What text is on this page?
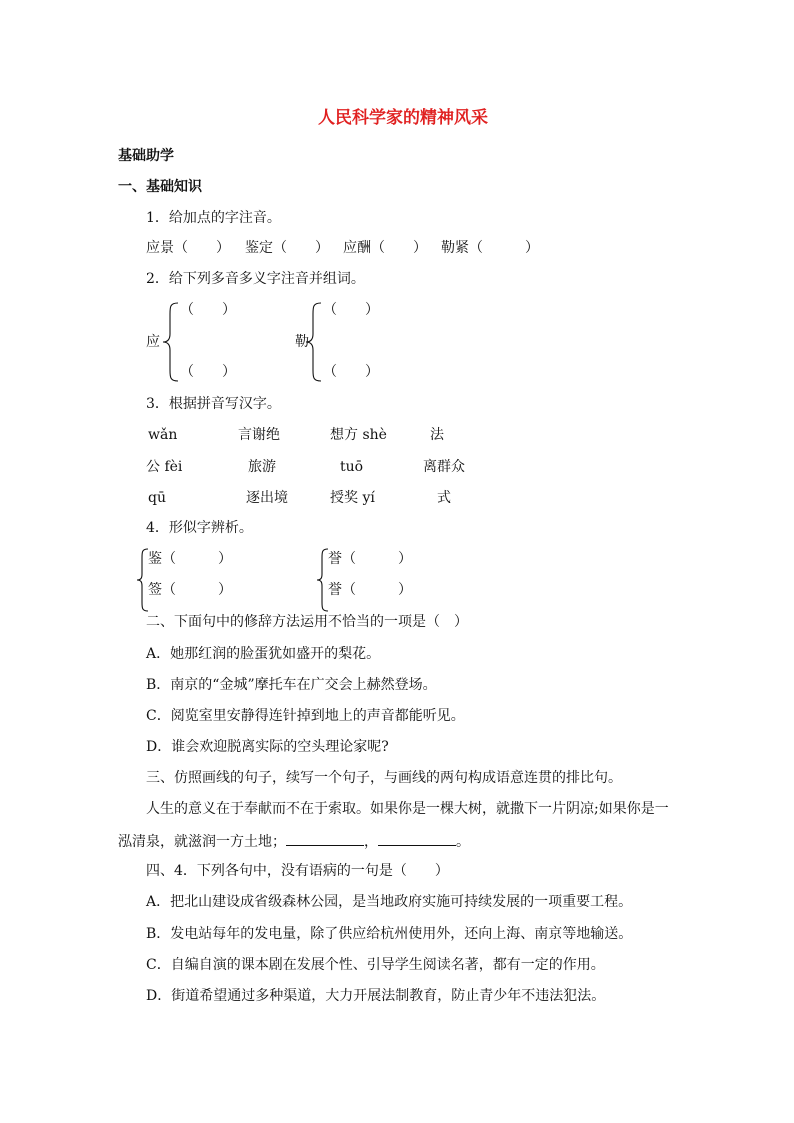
人民科学家的精神风采
基础助学
一、基础知识
1．给加点的字注音。
应景（　　） 鉴定（　　） 应酬（　　） 勒紧（　　　）
2．给下列多音多义字注音并组词。
应
（　　）
（　　）
勒
（　　）
（　　）
3．根据拼音写汉字。
wǎn	言谢绝	想方 shè	法
公 fèi	旅游	tuō	离群众
qū	逐出境	授奖 yí	式
4．形似字辨析。
鉴（　　　）
签（　　　）
誉（　　　）
誉（　　　）
二、下面句中的修辞方法运用不恰当的一项是（　）
A．她那红润的脸蛋犹如盛开的梨花。
B．南京的“金城”摩托车在广交会上赫然登场。
C．阅览室里安静得连针掉到地上的声音都能听见。
D．谁会欢迎脱离实际的空头理论家呢?
三、仿照画线的句子，续写一个句子，与画线的两句构成语意连贯的排比句。
人生的意义在于奉献而不在于索取。如果你是一棵大树，就撒下一片阴凉;如果你是一
泓清泉，就滋润一方土地；	，	。
四、4．下列各句中，没有语病的一句是（　　）
A．把北山建设成省级森林公园，是当地政府实施可持续发展的一项重要工程。
B．发电站每年的发电量，除了供应给杭州使用外，还向上海、南京等地输送。
C．自编自演的课本剧在发展个性、引导学生阅读名著，都有一定的作用。
D．街道希望通过多种渠道，大力开展法制教育，防止青少年不违法犯法。
